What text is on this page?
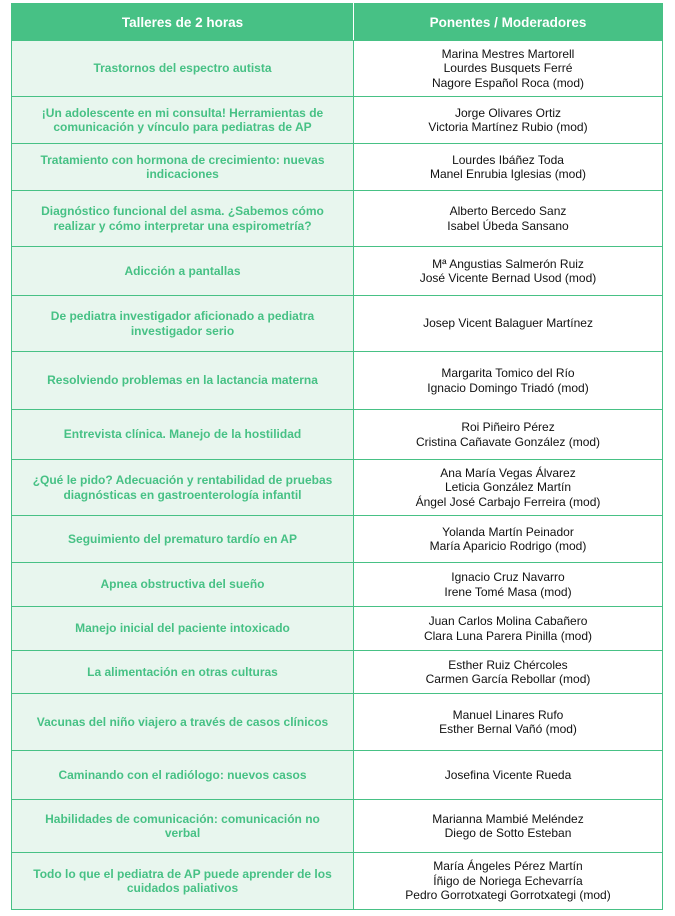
Talleres de 2 horas	Ponentes / Moderadores

Trastornos del espectro autista	Marina Mestres Martorell
Lourdes Busquets Ferré
Nagore Español Roca (mod)

¡Un adolescente en mi consulta! Herramientas de
comunicación y vínculo para pediatras de AP	Jorge Olivares Ortiz
Victoria Martínez Rubio (mod)

Tratamiento con hormona de crecimiento: nuevas
indicaciones	Lourdes Ibáñez Toda
Manel Enrubia Iglesias (mod)

Diagnóstico funcional del asma. ¿Sabemos cómo
realizar y cómo interpretar una espirometría?	Alberto Bercedo Sanz
Isabel Úbeda Sansano

Adicción a pantallas	Mª Angustias Salmerón Ruiz
José Vicente Bernad Usod (mod)

De pediatra investigador aficionado a pediatra
investigador serio	Josep Vicent Balaguer Martínez

Resolviendo problemas en la lactancia materna	Margarita Tomico del Río
Ignacio Domingo Triadó (mod)

Entrevista clínica. Manejo de la hostilidad	Roi Piñeiro Pérez
Cristina Cañavate González (mod)

¿Qué le pido? Adecuación y rentabilidad de pruebas
diagnósticas en gastroenterología infantil	Ana María Vegas Álvarez
Leticia González Martín
Ángel José Carbajo Ferreira (mod)

Seguimiento del prematuro tardío en AP	Yolanda Martín Peinador
María Aparicio Rodrigo (mod)

Apnea obstructiva del sueño	Ignacio Cruz Navarro
Irene Tomé Masa (mod)

Manejo inicial del paciente intoxicado	Juan Carlos Molina Cabañero
Clara Luna Parera Pinilla (mod)

La alimentación en otras culturas	Esther Ruiz Chércoles
Carmen García Rebollar (mod)

Vacunas del niño viajero a través de casos clínicos	Manuel Linares Rufo
Esther Bernal Vañó (mod)

Caminando con el radiólogo: nuevos casos	Josefina Vicente Rueda

Habilidades de comunicación: comunicación no
verbal	Marianna Mambié Meléndez
Diego de Sotto Esteban

Todo lo que el pediatra de AP puede aprender de los
cuidados paliativos	María Ángeles Pérez Martín
Íñigo de Noriega Echevarría
Pedro Gorrotxategi Gorrotxategi (mod)
